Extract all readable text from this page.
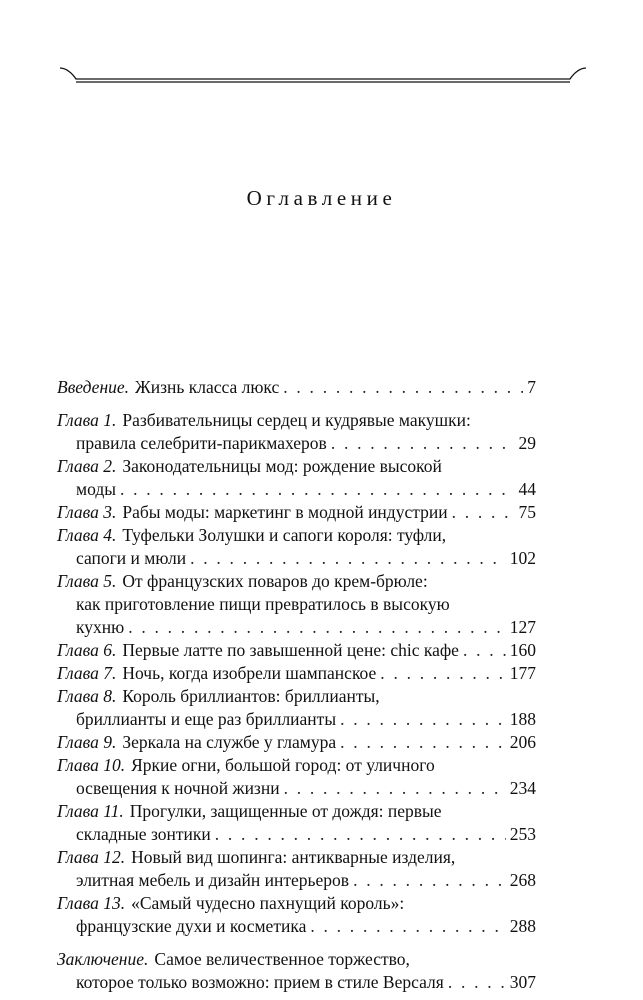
Оглавление
Введение. Жизнь класса люкс . . .	7
Глава 1. Разбивательницы сердец и кудрявые макушки:
правила селебрити-парикмахеров . . .	29
Глава 2. Законодательницы мод: рождение высокой
моды . . .	44
Глава 3. Рабы моды: маркетинг в модной индустрии . . .	75
Глава 4. Туфельки Золушки и сапоги короля: туфли,
сапоги и мюли . . .	102
Глава 5. От французских поваров до крем-брюле:
как приготовление пищи превратилось в высокую
кухню . . .	127
Глава 6. Первые латте по завышенной цене: chic кафе . . .	160
Глава 7. Ночь, когда изобрели шампанское . . .	177
Глава 8. Король бриллиантов: бриллианты,
бриллианты и еще раз бриллианты . . .	188
Глава 9. Зеркала на службе у гламура . . .	206
Глава 10. Яркие огни, большой город: от уличного
освещения к ночной жизни . . .	234
Глава 11. Прогулки, защищенные от дождя: первые
складные зонтики . . .	253
Глава 12. Новый вид шопинга: антикварные изделия,
элитная мебель и дизайн интерьеров . . .	268
Глава 13. «Самый чудесно пахнущий король»:
французские духи и косметика . . .	288
Заключение. Самое величественное торжество,
которое только возможно: прием в стиле Версаля . . .	307
